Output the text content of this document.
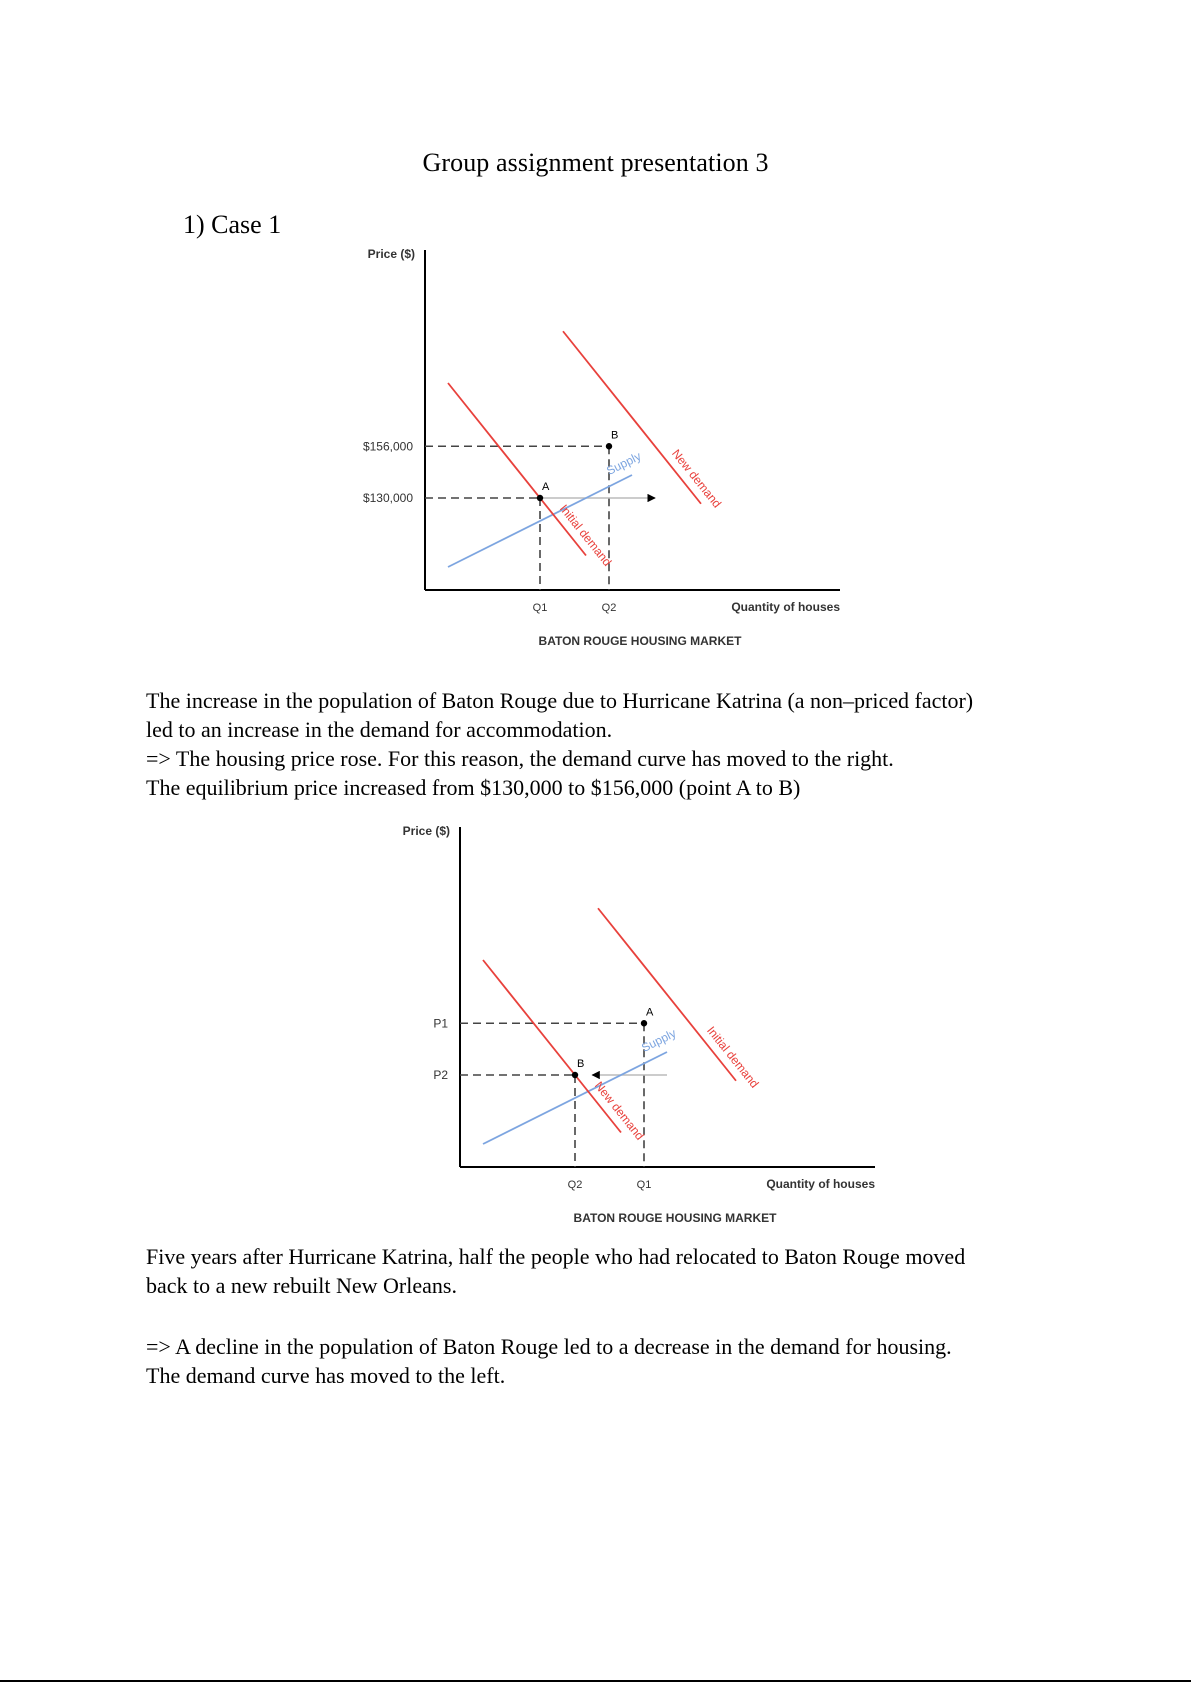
Group assignment presentation 3
1) Case 1
Price ($)
Quantity of houses
BATON ROUGE HOUSING MARKET
$130,000
Q1
$156,000
Q2
Supply
Initial demand
New demand
A
B

The increase in the population of Baton Rouge due to Hurricane Katrina (a non–priced factor)

led to an increase in the demand for accommodation.

=> The housing price rose. For this reason, the demand curve has moved to the right.

The equilibrium price increased from $130,000 to $156,000 (point A to B)

Price ($)
Quantity of houses
BATON ROUGE HOUSING MARKET
P1
Q1
P2
Q2
Supply
New demand
Initial demand
A
B

Five years after Hurricane Katrina, half the people who had relocated to Baton Rouge moved

back to a new rebuilt New Orleans.

=> A decline in the population of Baton Rouge led to a decrease in the demand for housing.

The demand curve has moved to the left.
